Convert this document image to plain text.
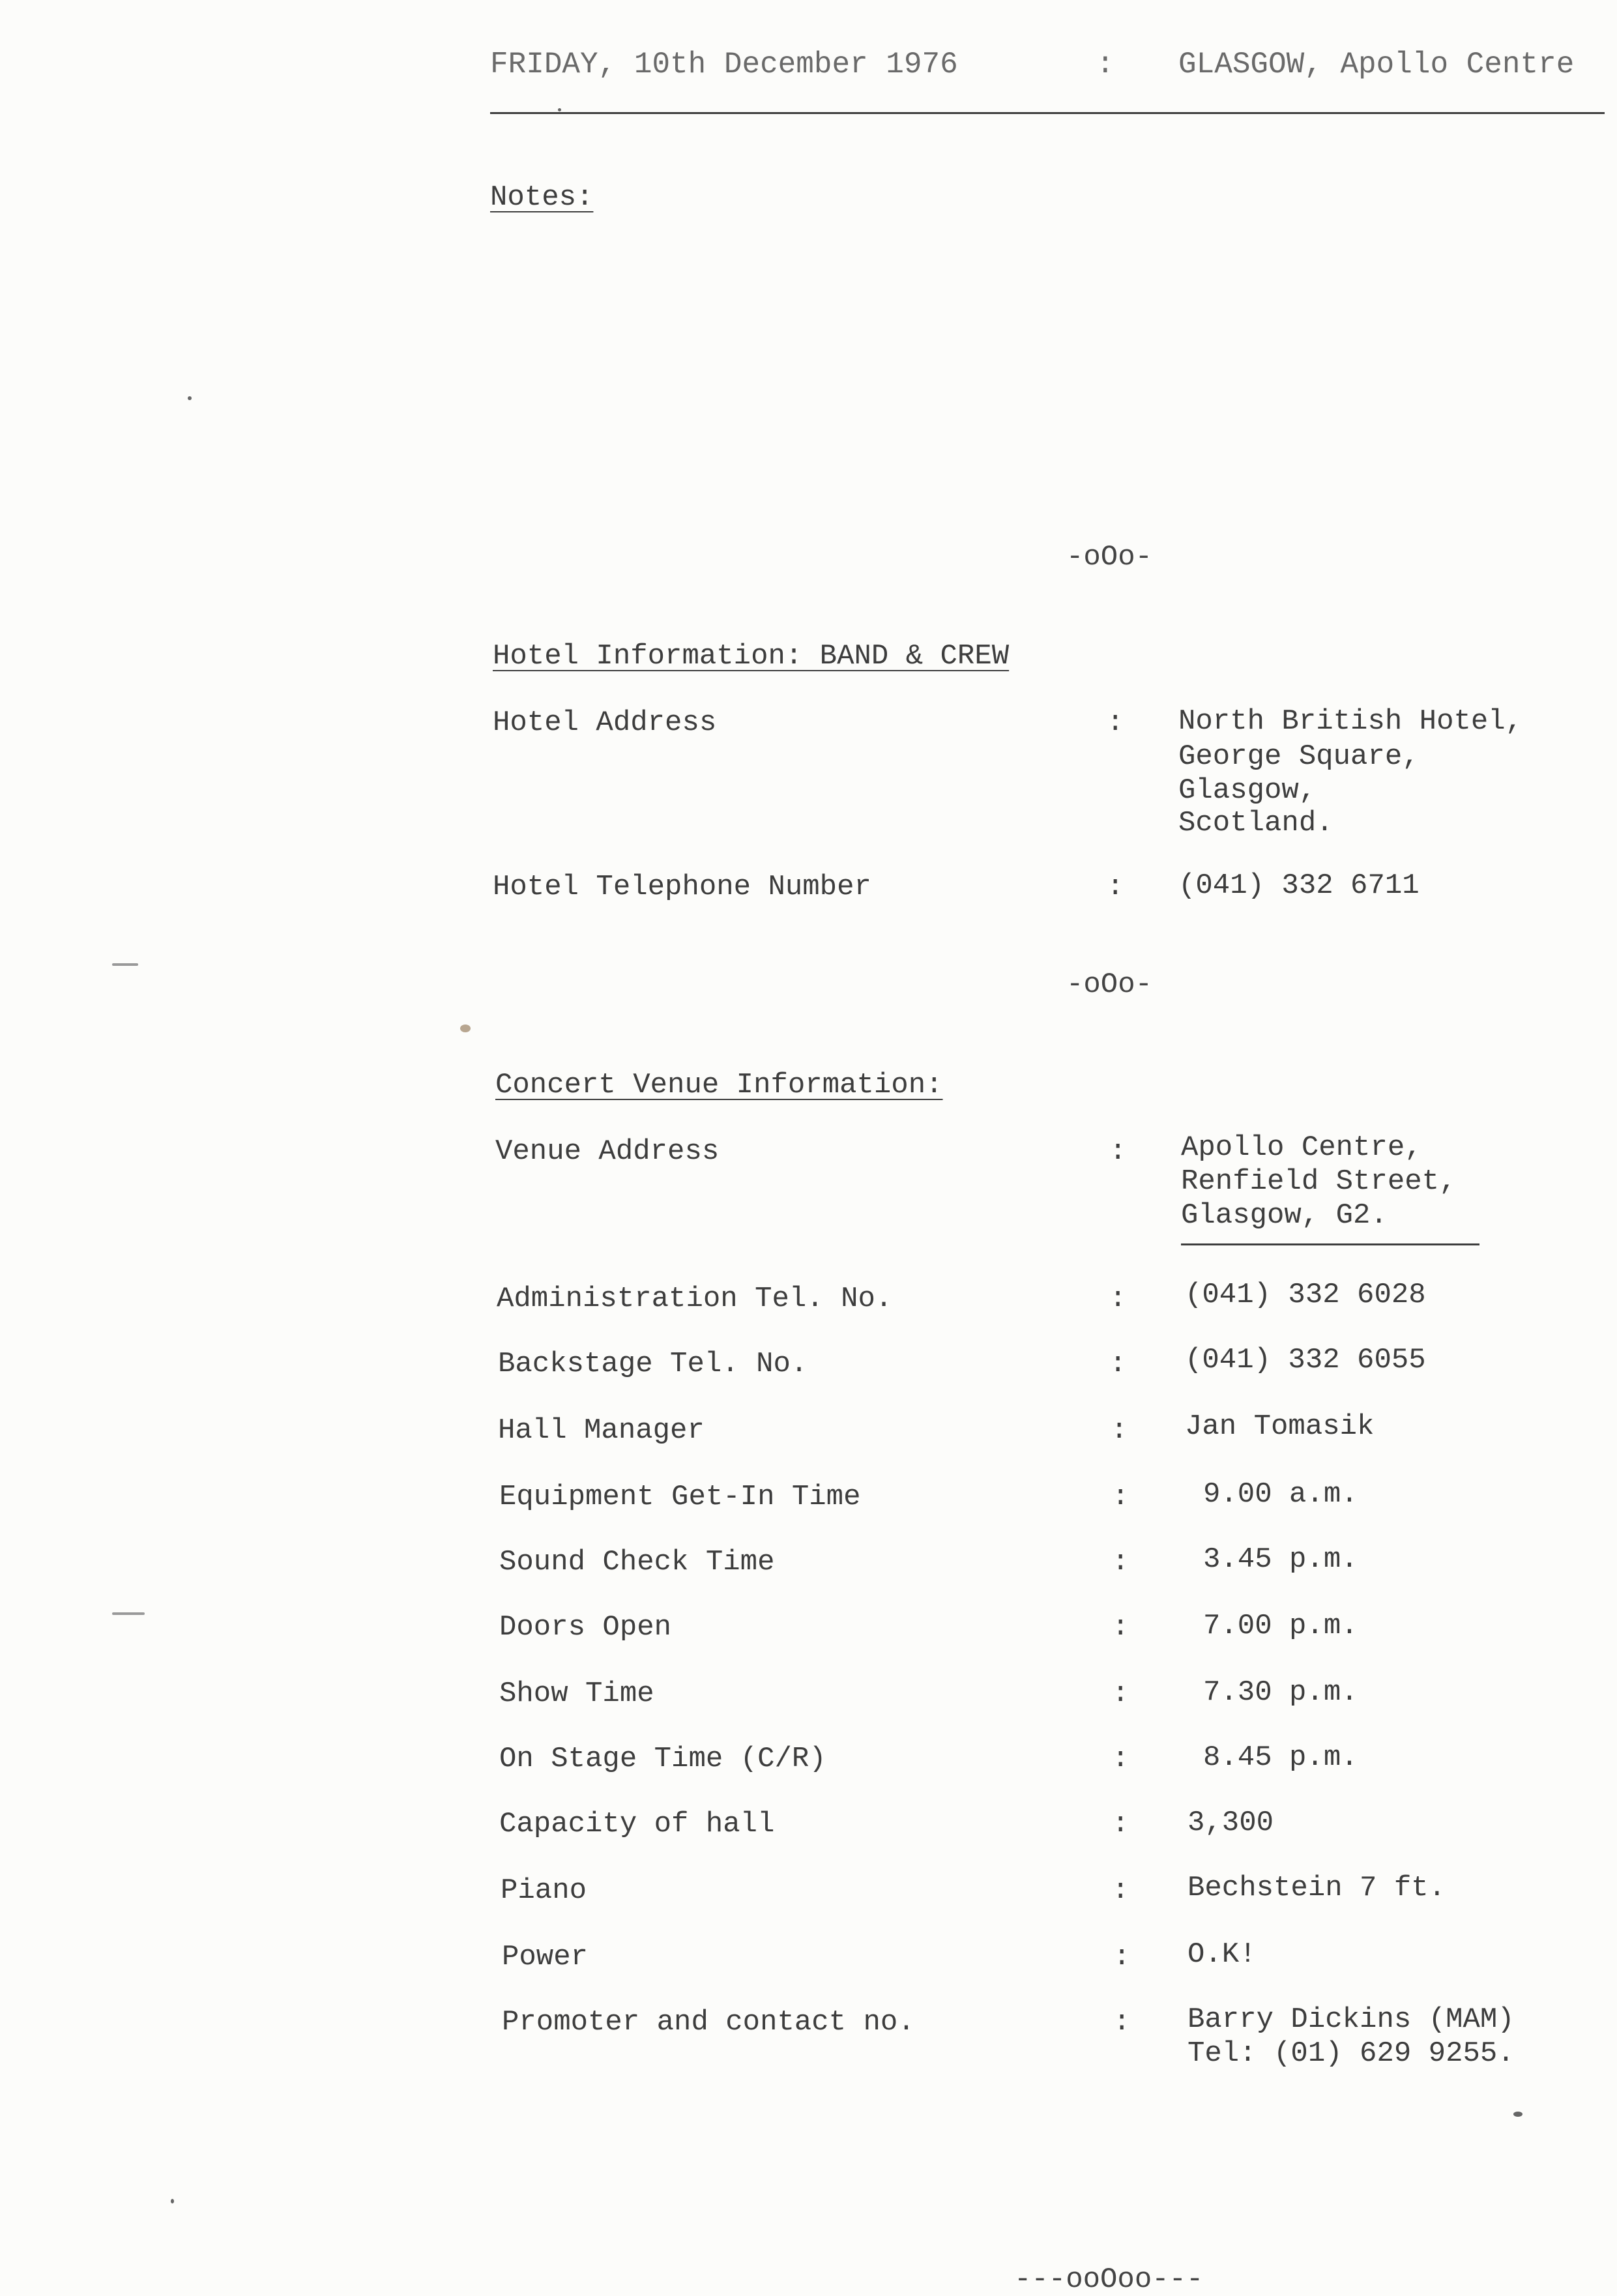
FRIDAY, 10th December 1976	: GLASGOW, Apollo Centre
Notes:
-oOo-
Hotel Information: BAND & CREW
Hotel Address	: North British Hotel,
George Square,
Glasgow,
Scotland.
Hotel Telephone Number	: (041) 332 6711
-oOo-
Concert Venue Information:
Venue Address	: Apollo Centre,
Renfield Street,
Glasgow, G2.
Administration Tel. No.	: (041) 332 6028
Backstage Tel. No.	: (041) 332 6055
Hall Manager	: Jan Tomasik
Equipment Get-In Time	:	9.00 a.m.
Sound Check Time	:	3.45 p.m.
Doors Open	:	7.00 p.m.
Show Time	:	7.30 p.m.
On Stage Time (C/R)	:	8.45 p.m.
Capacity of hall	: 3,300
Piano	: Bechstein 7 ft.
Power	: O.K!
Promoter and contact no.	: Barry Dickins (MAM)
Tel: (01) 629 9255.
---ooOoo---
